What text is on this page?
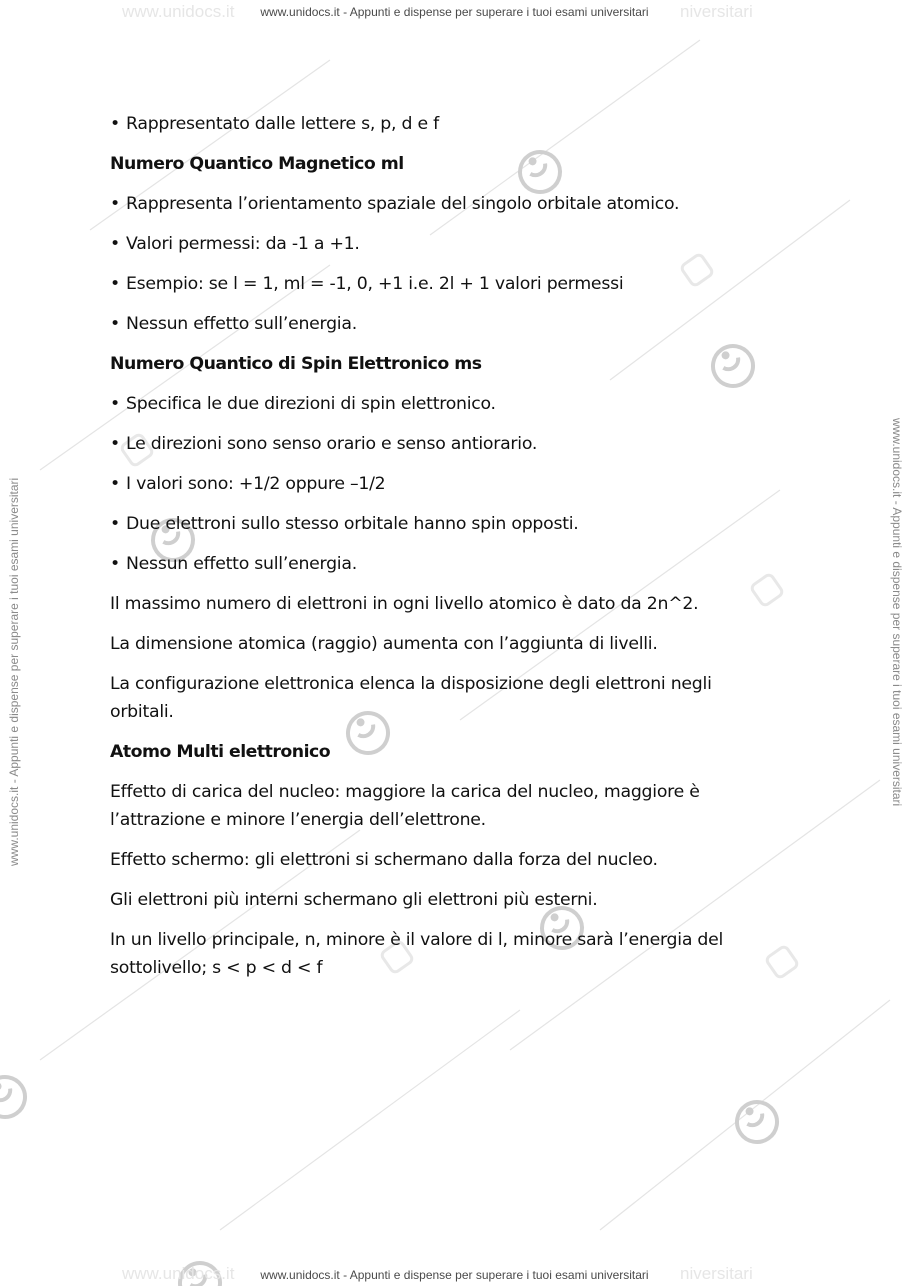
www.unidocs.it	niversitari
www.unidocs.it	niversitari
www.unidocs.it - Appunti e dispense per superare i tuoi esami universitari
www.unidocs.it - Appunti e dispense per superare i tuoi esami universitari
www.unidocs.it - Appunti e dispense per superare i tuoi esami universitari	www.unidocs.it - Appunti e dispense per superare i tuoi esami universitari

• Rappresentato dalle lettere s, p, d e f

Numero Quantico Magnetico ml

• Rappresenta l’orientamento spaziale del singolo orbitale atomico.

• Valori permessi: da -1 a +1.

• Esempio: se l = 1, ml = -1, 0, +1 i.e. 2l + 1 valori permessi

• Nessun effetto sull’energia.

Numero Quantico di Spin Elettronico ms

• Specifica le due direzioni di spin elettronico.

• Le direzioni sono senso orario e senso antiorario.

• I valori sono: +1/2 oppure –1/2

• Due elettroni sullo stesso orbitale hanno spin opposti.

• Nessun effetto sull’energia.

Il massimo numero di elettroni in ogni livello atomico è dato da 2n^2.

La dimensione atomica (raggio) aumenta con l’aggiunta di livelli.

La configurazione elettronica elenca la disposizione degli elettroni negli orbitali.

Atomo Multi elettronico

Effetto di carica del nucleo: maggiore la carica del nucleo, maggiore è l’attrazione e minore l’energia dell’elettrone.

Effetto schermo: gli elettroni si schermano dalla forza del nucleo.

Gli elettroni più interni schermano gli elettroni più esterni.

In un livello principale, n, minore è il valore di l, minore sarà l’energia del sottolivello; s < p < d < f
